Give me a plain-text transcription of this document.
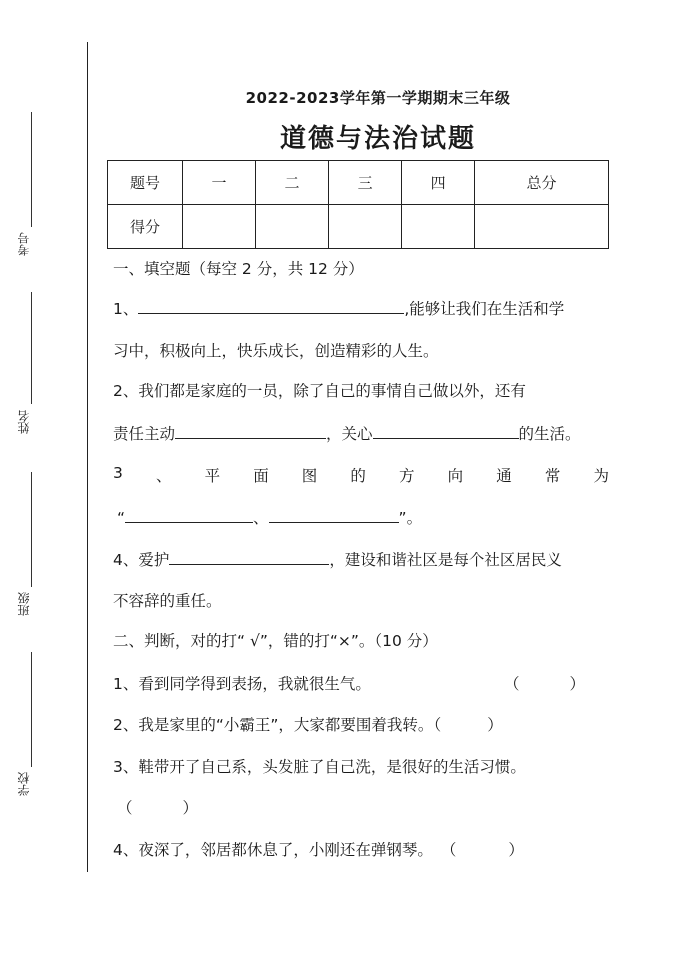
考号
姓名
班级
学校
2022-2023学年第一学期期末三年级
道德与法治试题
题号	一	二	三	四	总分
得分					
一、填空题（每空 2 分，共 12 分）
1、	,能够让我们在生活和学
习中，积极向上，快乐成长，创造精彩的人生。
2、我们都是家庭的一员，除了自己的事情自己做以外，还有
责任主动	，关心	的生活。
3 、 平 面 图 的 方 向 通 常 为
“	、	”。
4、爱护	，建设和谐社区是每个社区居民义
不容辞的重任。
二、判断，对的打“ √”，错的打“×”。（10 分）
1、看到同学得到表扬，我就很生气。	（	）
2、我是家里的“小霸王”，大家都要围着我转。（	）
3、鞋带开了自己系，头发脏了自己洗，是很好的生活习惯。
（	）
4、夜深了，邻居都休息了，小刚还在弹钢琴。 （	）
